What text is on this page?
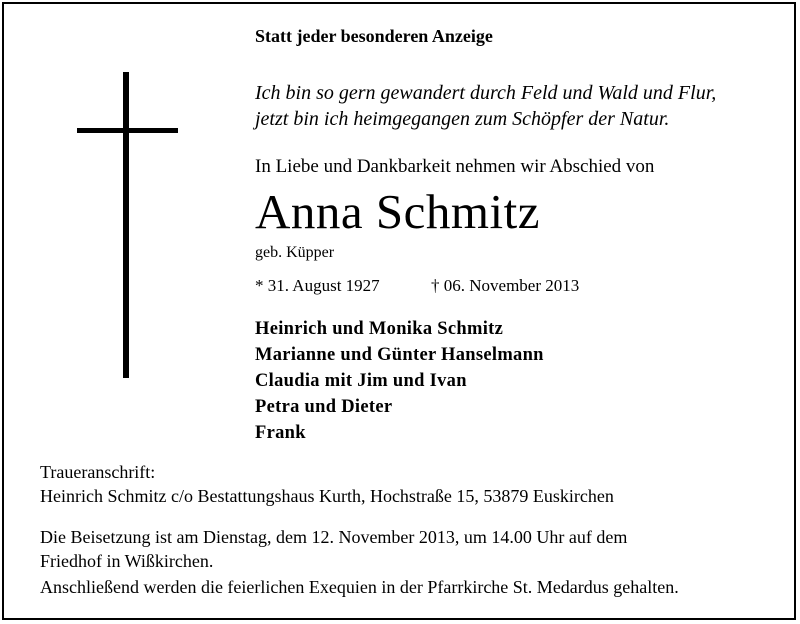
Statt jeder besonderen Anzeige
Ich bin so gern gewandert durch Feld und Wald und Flur,
jetzt bin ich heimgegangen zum Schöpfer der Natur.
In Liebe und Dankbarkeit nehmen wir Abschied von
Anna Schmitz
geb. Küpper
* 31. August 1927	† 06. November 2013
Heinrich und Monika Schmitz
Marianne und Günter Hanselmann
Claudia mit Jim und Ivan
Petra und Dieter
Frank
Traueranschrift:
Heinrich Schmitz c/o Bestattungshaus Kurth, Hochstraße 15, 53879 Euskirchen
Die Beisetzung ist am Dienstag, dem 12. November 2013, um 14.00 Uhr auf dem
Friedhof in Wißkirchen.
Anschließend werden die feierlichen Exequien in der Pfarrkirche St. Medardus gehalten.
